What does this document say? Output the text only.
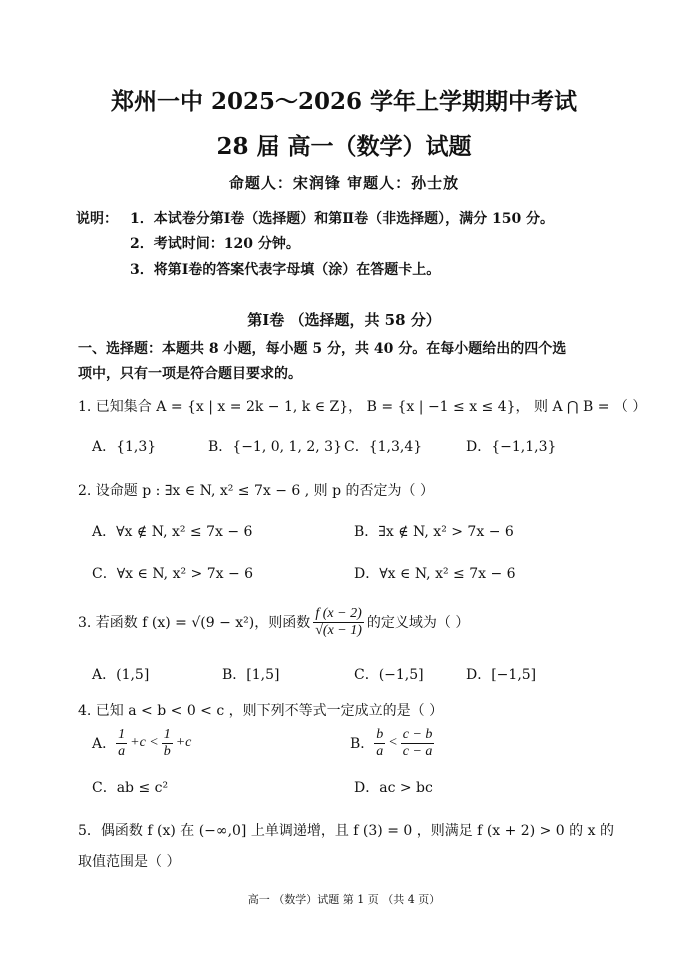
郑州一中 2025～2026 学年上学期期中考试
28 届 高一（数学）试题
命题人：宋润锋 审题人：孙士放
说明： 1．本试卷分第Ⅰ卷（选择题）和第Ⅱ卷（非选择题），满分 150 分。
2．考试时间：120 分钟。
3．将第Ⅰ卷的答案代表字母填（涂）在答题卡上。
第Ⅰ卷 （选择题，共 58 分）
一、选择题：本题共 8 小题，每小题 5 分，共 40 分。在每小题给出的四个选
项中，只有一项是符合题目要求的。
1. 已知集合 A = {x | x = 2k − 1, k ∈ Z}， B = {x | −1 ≤ x ≤ 4}， 则 A ⋂ B = （ ）
A．{1,3}	B．{−1, 0, 1, 2, 3} C．{1,3,4}	D．{−1,1,3}
2. 设命题 p : ∃x ∈ N, x² ≤ 7x − 6 , 则 p 的否定为（ ）
A．∀x ∉ N, x² ≤ 7x − 6	B．∃x ∉ N, x² > 7x − 6
C．∀x ∈ N, x² > 7x − 6	D．∀x ∈ N, x² ≤ 7x − 6
3. 若函数 f (x) = √(9 − x²)，则函数 $\frac{f (x - 2)}{√(x - 1)}$ 的定义域为（ ）
A．(1,5]	B．[1,5]	C．(−1,5]	D．[−1,5]
4. 已知 a < b < 0 < c ，则下列不等式一定成立的是（ ）
A． $\frac{1}{a} +c < \frac{1}{b} +c$	B． $\frac{b}{a} < \frac{c - b}{c - a}$
C．ab ≤ c²	D．ac > bc
5．偶函数 f (x) 在 (−∞,0] 上单调递增，且 f (3) = 0 ，则满足 f (x + 2) > 0 的 x 的
取值范围是（ ）
高一 （数学）试题 第 1 页 （共 4 页）
